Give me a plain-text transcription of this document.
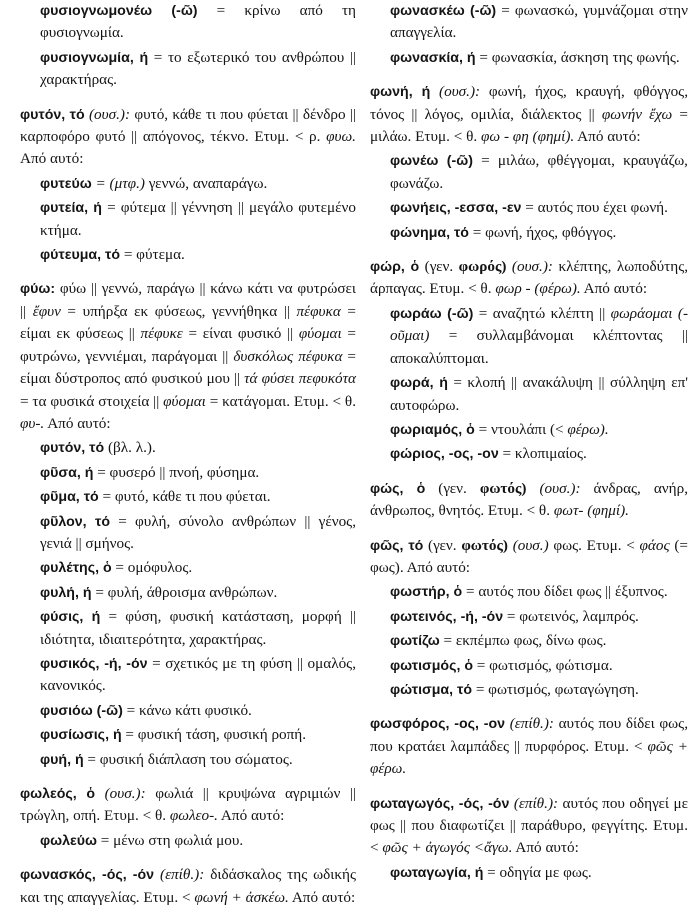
φυσιογνωμονέω (-ῶ) = κρίνω από τη φυσιογνωμία.

φυσιογνωμία, ή = το εξωτερικό του ανθρώπου || χαρακτήρας.

φυτόν, τό (ουσ.): φυτό, κάθε τι που φύεται || δένδρο || καρποφόρο φυτό || απόγονος, τέκνο. Ετυμ. < ρ. φυω. Από αυτό:

φυτεύω = (μτφ.) γεννώ, αναπαράγω.

φυτεία, ή = φύτεμα || γέννηση || μεγάλο φυτεμένο κτήμα.

φύτευμα, τό = φύτεμα.

φύω: φύω || γεννώ, παράγω || κάνω κάτι να φυτρώσει || ἔφυν = υπήρξα εκ φύσεως, γεννήθηκα || πέφυκα = είμαι εκ φύσεως || πέφυκε = είναι φυσικό || φύομαι = φυτρώνω, γεννιέμαι, παράγομαι || δυσκόλως πέφυκα = είμαι δύστροπος από φυσικού μου || τά φύσει πεφυκότα = τα φυσικά στοιχεία || φύομαι = κατάγομαι. Ετυμ. < θ. φυ-. Από αυτό:

φυτόν, τό (βλ. λ.).

φῦσα, ή = φυσερό || πνοή, φύσημα.

φῦμα, τό = φυτό, κάθε τι που φύεται.

φῦλον, τό = φυλή, σύνολο ανθρώπων || γένος, γενιά || σμήνος.

φυλέτης, ὁ = ομόφυλος.

φυλή, ή = φυλή, άθροισμα ανθρώπων.

φύσις, ή = φύση, φυσική κατάσταση, μορφή || ιδιότητα, ιδιαιτερότητα, χαρακτήρας.

φυσικός, -ή, -όν = σχετικός με τη φύση || ομαλός, κανονικός.

φυσιόω (-ῶ) = κάνω κάτι φυσικό.

φυσίωσις, ή = φυσική τάση, φυσική ροπή.

φυή, ή = φυσική διάπλαση του σώματος.

φωλεός, ὁ (ουσ.): φωλιά || κρυψώνα αγριμιών || τρώγλη, οπή. Ετυμ. < θ. φωλεο-. Από αυτό:

φωλεύω = μένω στη φωλιά μου.

φωνασκός, -ός, -όν (επίθ.): διδάσκαλος της ωδικής και της απαγγελίας. Ετυμ. < φωνή + ἀσκέω. Από αυτό:

φωνασκέω (-ῶ) = φωνασκώ, γυμνάζομαι στην απαγγελία.

φωνασκία, ή = φωνασκία, άσκηση της φωνής.

φωνή, ή (ουσ.): φωνή, ήχος, κραυγή, φθόγγος, τόνος || λόγος, ομιλία, διάλεκτος || φωνήν ἔχω = μιλάω. Ετυμ. < θ. φω - φη (φημί). Από αυτό:

φωνέω (-ῶ) = μιλάω, φθέγγομαι, κραυγάζω, φωνάζω.

φωνήεις, -εσσα, -εν = αυτός που έχει φωνή.

φώνημα, τό = φωνή, ήχος, φθόγγος.

φώρ, ὁ (γεν. φωρός) (ουσ.): κλέπτης, λωποδύτης, άρπαγας. Ετυμ. < θ. φωρ - (φέρω). Από αυτό:

φωράω (-ῶ) = αναζητώ κλέπτη || φωράομαι (-οῦμαι) = συλλαμβάνομαι κλέπτοντας || αποκαλύπτομαι.

φωρά, ή = κλοπή || ανακάλυψη || σύλληψη επ' αυτοφώρω.

φωριαμός, ὁ = ντουλάπι (< φέρω).

φώριος, -ος, -ον = κλοπιμαίος.

φώς, ὁ (γεν. φωτός) (ουσ.): άνδρας, ανήρ, άνθρωπος, θνητός. Ετυμ. < θ. φωτ- (φημί).

φῶς, τό (γεν. φωτός) (ουσ.) φως. Ετυμ. < φάος (= φως). Από αυτό:

φωστήρ, ὁ = αυτός που δίδει φως || έξυπνος.

φωτεινός, -ή, -όν = φωτεινός, λαμπρός.

φωτίζω = εκπέμπω φως, δίνω φως.

φωτισμός, ὁ = φωτισμός, φώτισμα.

φώτισμα, τό = φωτισμός, φωταγώγηση.

φωσφόρος, -ος, -ον (επίθ.): αυτός που δίδει φως, που κρατάει λαμπάδες || πυρφόρος. Ετυμ. < φῶς + φέρω.

φωταγωγός, -ός, -όν (επίθ.): αυτός που οδηγεί με φως || που διαφωτίζει || παράθυρο, φεγγίτης. Ετυμ. < φῶς + ἀγωγός <ἄγω. Από αυτό:

φωταγωγία, ή = οδηγία με φως.
